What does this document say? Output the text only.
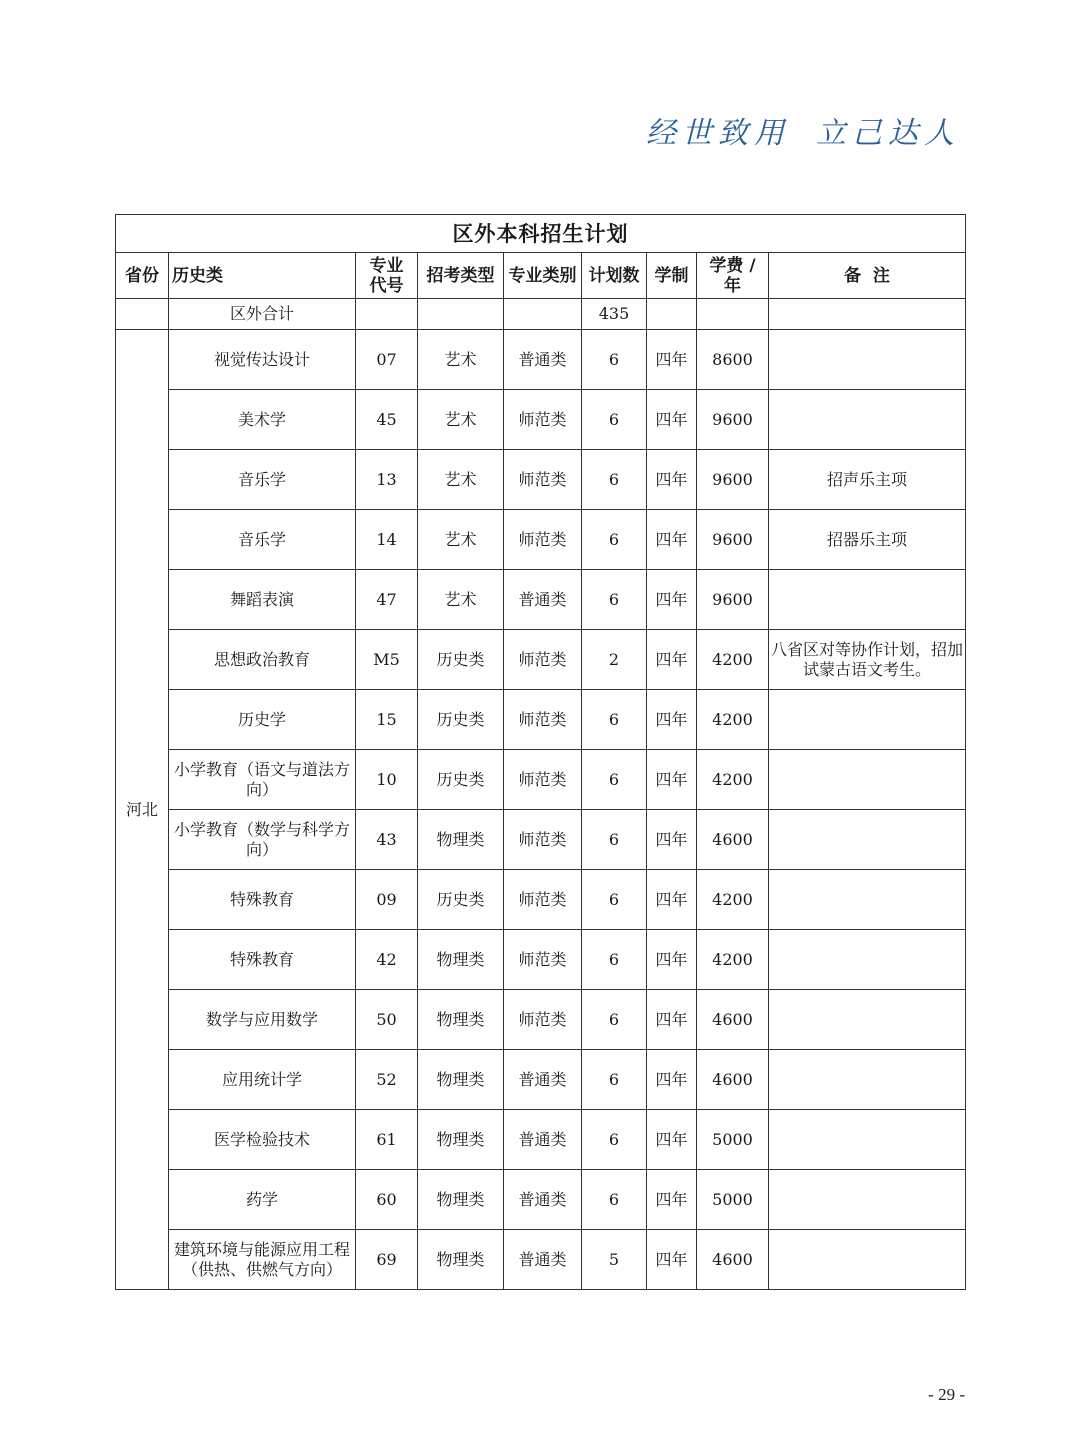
经世致用 立己达人
区外本科招生计划								
省份	历史类	专业代号	招考类型	专业类别	计划数	学制	学费 / 年	备  注
	区外合计				435			
河北	视觉传达设计	07	艺术	普通类	6	四年	8600	
	美术学	45	艺术	师范类	6	四年	9600	
	音乐学	13	艺术	师范类	6	四年	9600	招声乐主项
	音乐学	14	艺术	师范类	6	四年	9600	招器乐主项
	舞蹈表演	47	艺术	普通类	6	四年	9600	
	思想政治教育	M5	历史类	师范类	2	四年	4200	八省区对等协作计划，招加试蒙古语文考生。
	历史学	15	历史类	师范类	6	四年	4200	
	小学教育（语文与道法方向）	10	历史类	师范类	6	四年	4200	
	小学教育（数学与科学方向）	43	物理类	师范类	6	四年	4600	
	特殊教育	09	历史类	师范类	6	四年	4200	
	特殊教育	42	物理类	师范类	6	四年	4200	
	数学与应用数学	50	物理类	师范类	6	四年	4600	
	应用统计学	52	物理类	普通类	6	四年	4600	
	医学检验技术	61	物理类	普通类	6	四年	5000	
	药学	60	物理类	普通类	6	四年	5000	
	建筑环境与能源应用工程（供热、供燃气方向）	69	物理类	普通类	5	四年	4600	
- 29 -
